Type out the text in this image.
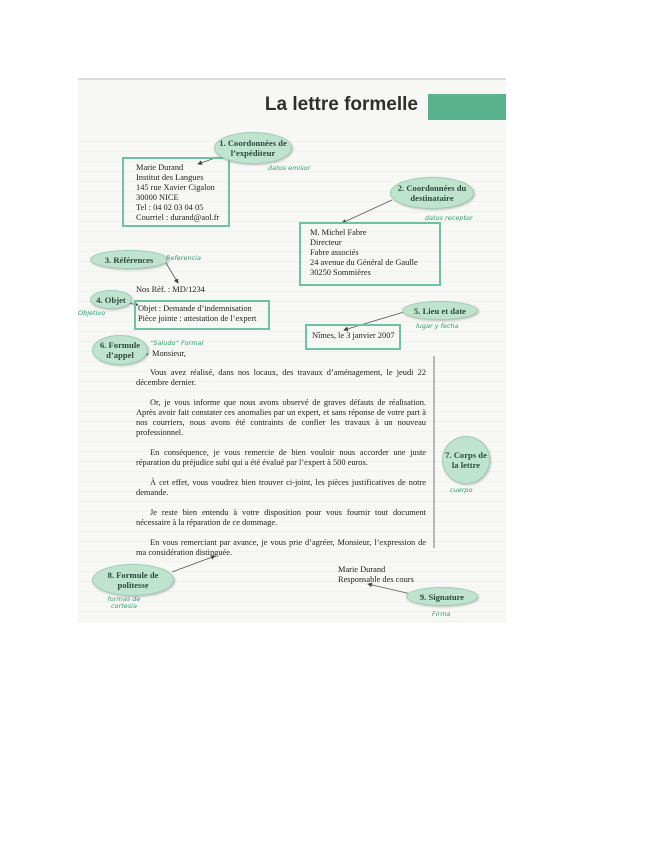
La lettre formelle
Marie Durand
Institut des Langues
145 rue Xavier Cigalon
30000 NICE
Tel : 04 02 03 04 05
Courriel : durand@aol.fr
M. Michel Fabre
Directeur
Fabre associés
24 avenue du Général de Gaulle
30250 Sommières
Nos Réf. : MD/1234
Objet : Demande d’indemnisation
Pièce jointe : attestation de l’expert
Nîmes, le 3 janvier 2007
Monsieur,
Vous avez réalisé, dans nos locaux, des travaux d’aménagement, le jeudi 22 décembre dernier.
Or, je vous informe que nous avons observé de graves défauts de réalisation. Après avoir fait constater ces anomalies par un expert, et sans réponse de votre part à nos courriers, nous avons été contraints de confier les travaux à un nouveau professionnel.
En conséquence, je vous remercie de bien vouloir nous accorder une juste réparation du préjudice subi qui a été évalué par l’expert à 500 euros.
À cet effet, vous voudrez bien trouver ci-joint, les pièces justificatives de notre demande.
Je reste bien entendu à votre disposition pour vous fournir tout document nécessaire à la réparation de ce dommage.
En vous remerciant par avance, je vous prie d’agréer, Monsieur, l’expression de ma considération distinguée.
Marie Durand
Responsable des cours
1. Coordonnées de l’expéditeur
2. Coordonnées du destinataire
3. Références
4. Objet
5. Lieu et date
6. Formule d’appel
7. Corps de la lettre
8. Formule de politesse
9. Signature
datos emisor
datos receptor
Referencia
Objetivo
lugar y fecha
“Saludo” Formal
cuerpo
formas de cortesía
Firma
